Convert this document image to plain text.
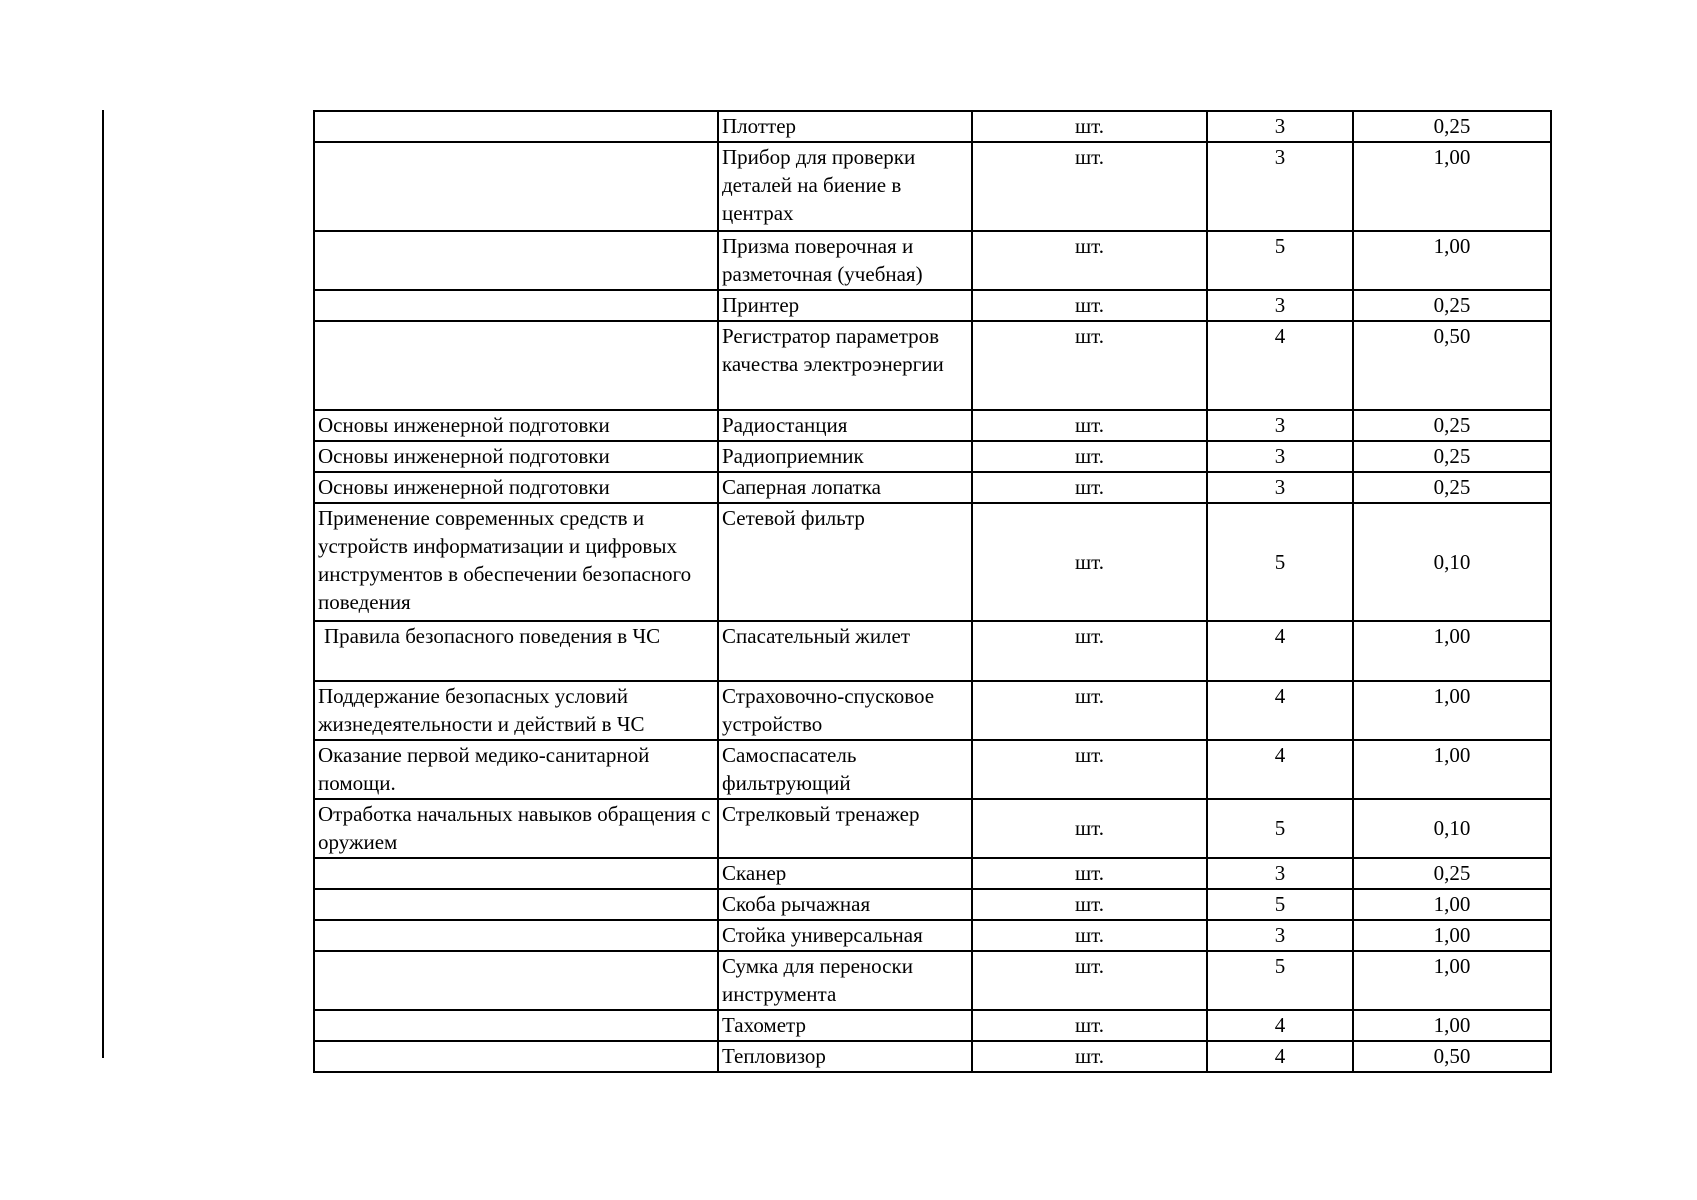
	Плоттер	шт.	3	0,25
	Прибор для проверки деталей на биение в центрах	шт.	3	1,00
	Призма поверочная и разметочная (учебная)	шт.	5	1,00
	Принтер	шт.	3	0,25
	Регистратор параметров качества электроэнергии	шт.	4	0,50
Основы инженерной подготовки	Радиостанция	шт.	3	0,25
Основы инженерной подготовки	Радиоприемник	шт.	3	0,25
Основы инженерной подготовки	Саперная лопатка	шт.	3	0,25
Применение современных средств и устройств информатизации и цифровых инструментов в обеспечении безопасного поведения	Сетевой фильтр	шт.	5	0,10
Правила безопасного поведения в ЧС	Спасательный жилет	шт.	4	1,00
Поддержание безопасных условий жизнедеятельности и действий в ЧС	Страховочно-спусковое устройство	шт.	4	1,00
Оказание первой медико-санитарной помощи.	Самоспасатель фильтрующий	шт.	4	1,00
Отработка начальных навыков обращения с оружием	Стрелковый тренажер	шт.	5	0,10
	Сканер	шт.	3	0,25
	Скоба рычажная	шт.	5	1,00
	Стойка универсальная	шт.	3	1,00
	Сумка для переноски инструмента	шт.	5	1,00
	Тахометр	шт.	4	1,00
	Тепловизор	шт.	4	0,50
